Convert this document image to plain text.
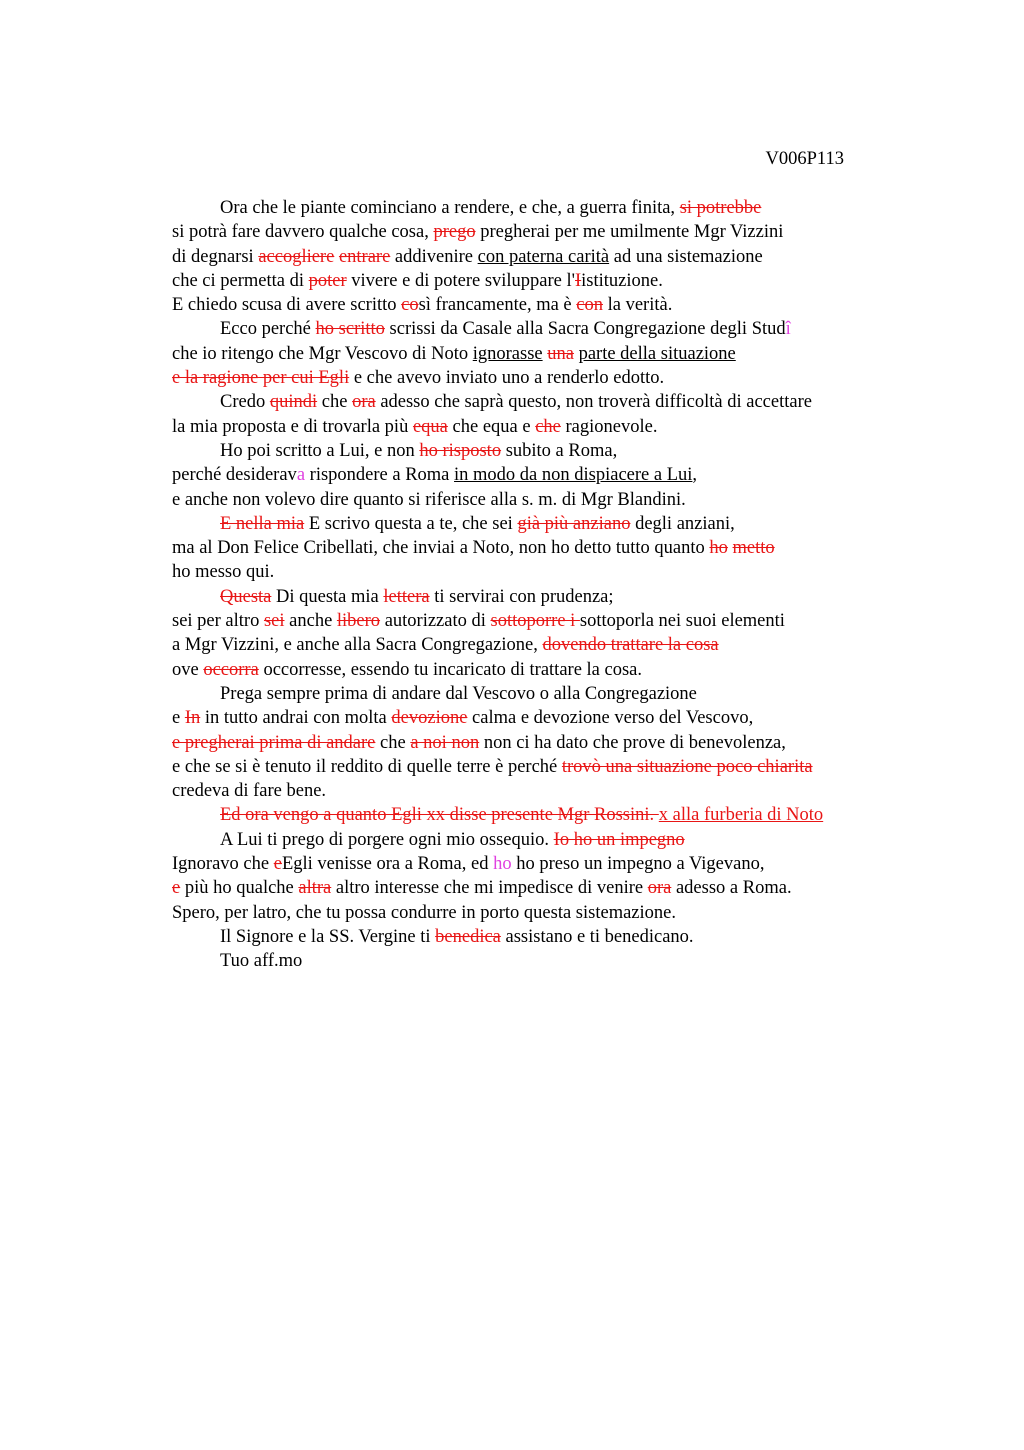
V006P113
Ora che le piante cominciano a rendere, e che, a guerra finita, si potrebbe
si potrà fare davvero qualche cosa, prego pregherai per me umilmente Mgr Vizzini
di degnarsi accogliere entrare addivenire con paterna carità ad una sistemazione
che ci permetta di poter vivere e di potere sviluppare l'Iistituzione.
E chiedo scusa di avere scritto così francamente, ma è con la verità.
Ecco perché ho scritto scrissi da Casale alla Sacra Congregazione degli Studî
che io ritengo che Mgr Vescovo di Noto ignorasse una parte della situazione
e la ragione per cui Egli e che avevo inviato uno a renderlo edotto.
Credo quindi che ora adesso che saprà questo, non troverà difficoltà di accettare
la mia proposta e di trovarla più equa che equa e che ragionevole.
Ho poi scritto a Lui, e non ho risposto subito a Roma,
perché desiderava rispondere a Roma in modo da non dispiacere a Lui,
e anche non volevo dire quanto si riferisce alla s. m. di Mgr Blandini.
E nella mia E scrivo questa a te, che sei già più anziano degli anziani,
ma al Don Felice Cribellati, che inviai a Noto, non ho detto tutto quanto ho metto
ho messo qui.
Questa Di questa mia lettera ti servirai con prudenza;
sei per altro sei anche libero autorizzato di sottoporre i sottoporla nei suoi elementi
a Mgr Vizzini, e anche alla Sacra Congregazione, dovendo trattare la cosa
ove occorra occorresse, essendo tu incaricato di trattare la cosa.
Prega sempre prima di andare dal Vescovo o alla Congregazione
e In in tutto andrai con molta devozione calma e devozione verso del Vescovo,
e pregherai prima di andare che a noi non non ci ha dato che prove di benevolenza,
e che se si è tenuto il reddito di quelle terre è perché trovò una situazione poco chiarita
credeva di fare bene.
Ed ora vengo a quanto Egli xx disse presente Mgr Rossini. x alla furberia di Noto
A Lui ti prego di porgere ogni mio ossequio. Io ho un impegno
Ignoravo che eEgli venisse ora a Roma, ed ho ho preso un impegno a Vigevano,
e più ho qualche altra altro interesse che mi impedisce di venire ora adesso a Roma.
Spero, per latro, che tu possa condurre in porto questa sistemazione.
Il Signore e la SS. Vergine ti benedica assistano e ti benedicano.
Tuo aff.mo
